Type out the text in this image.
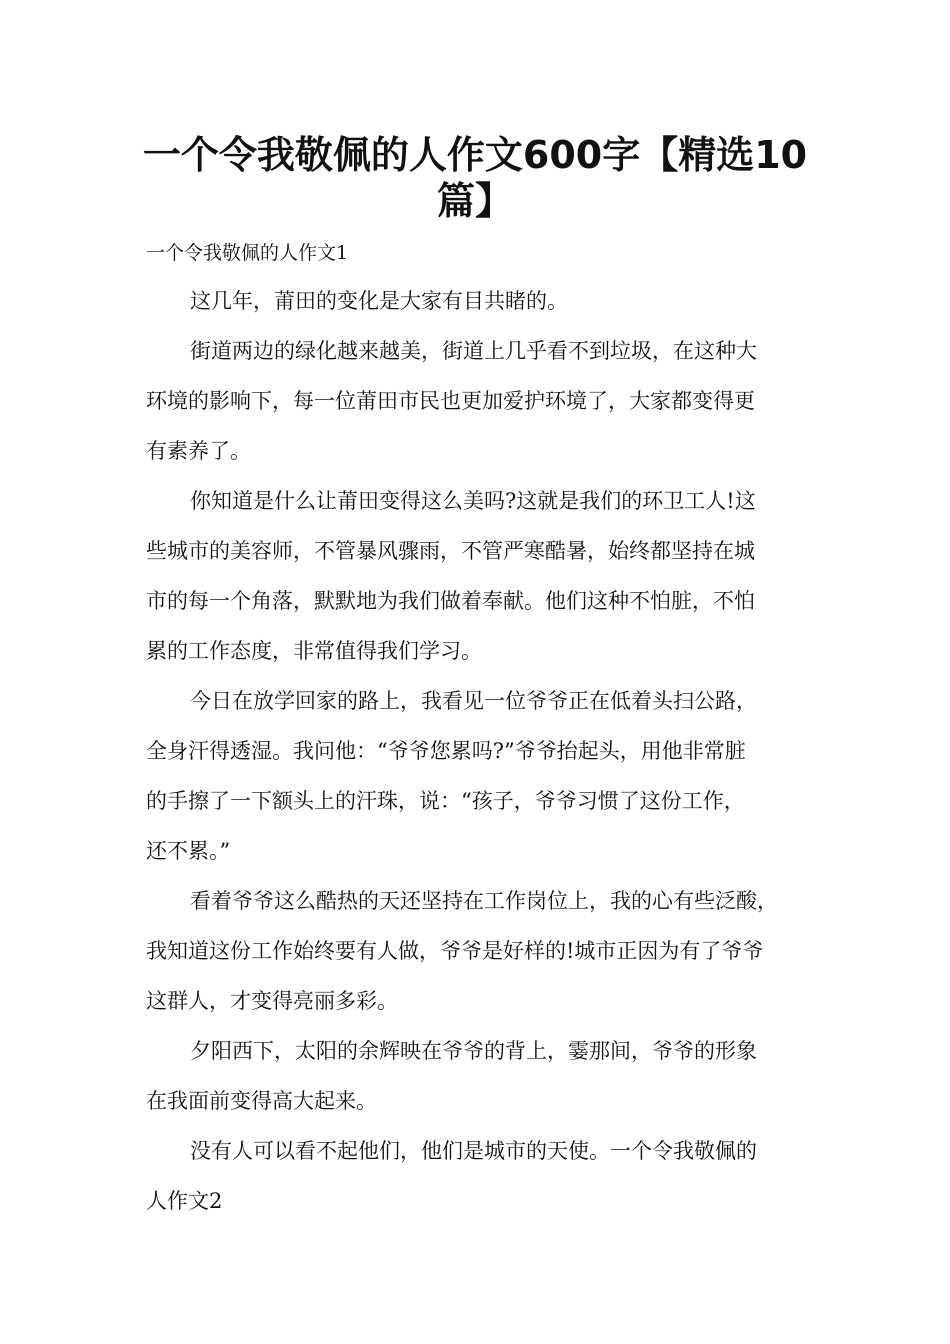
一个令我敬佩的人作文600字【精选10
篇】

一个令我敬佩的人作文1

这几年，莆田的变化是大家有目共睹的。

街道两边的绿化越来越美，街道上几乎看不到垃圾，在这种大

环境的影响下，每一位莆田市民也更加爱护环境了，大家都变得更

有素养了。

你知道是什么让莆田变得这么美吗?这就是我们的环卫工人!这

些城市的美容师，不管暴风骤雨，不管严寒酷暑，始终都坚持在城

市的每一个角落，默默地为我们做着奉献。他们这种不怕脏，不怕

累的工作态度，非常值得我们学习。

今日在放学回家的路上，我看见一位爷爷正在低着头扫公路，

全身汗得透湿。我问他：“爷爷您累吗?”爷爷抬起头，用他非常脏

的手擦了一下额头上的汗珠，说：“孩子，爷爷习惯了这份工作，

还不累。”

看着爷爷这么酷热的天还坚持在工作岗位上，我的心有些泛酸，

我知道这份工作始终要有人做，爷爷是好样的!城市正因为有了爷爷

这群人，才变得亮丽多彩。

夕阳西下，太阳的余辉映在爷爷的背上，霎那间，爷爷的形象

在我面前变得高大起来。

没有人可以看不起他们，他们是城市的天使。一个令我敬佩的

人作文2
